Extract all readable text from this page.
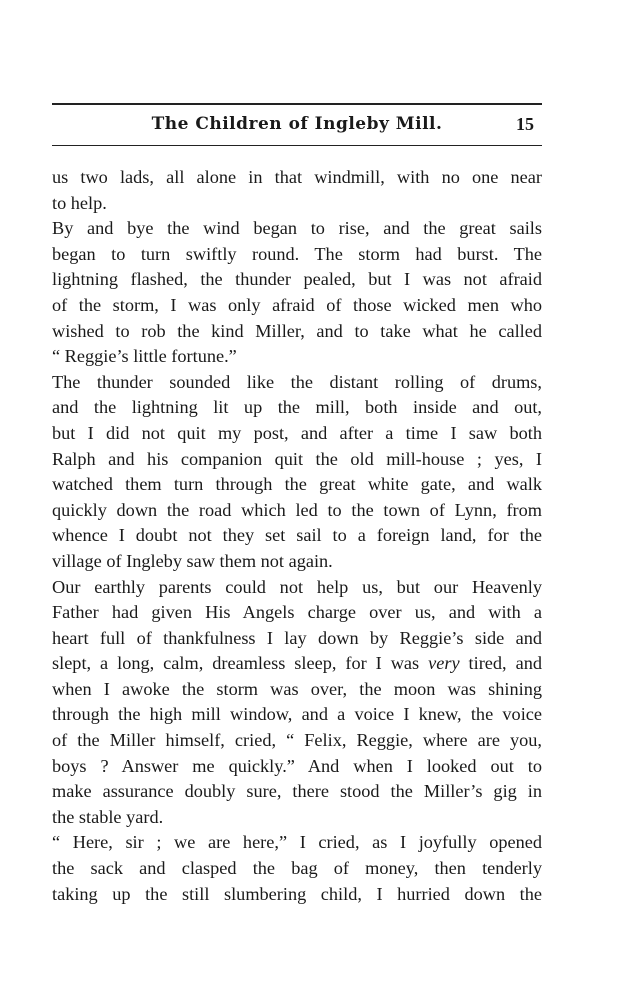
The Children of Ingleby Mill.	15
us two lads, all alone in that windmill, with no one near
to help.
By and bye the wind began to rise, and the great sails
began to turn swiftly round. The storm had burst. The
lightning flashed, the thunder pealed, but I was not afraid
of the storm, I was only afraid of those wicked men who
wished to rob the kind Miller, and to take what he called
“ Reggie’s little fortune.”
The thunder sounded like the distant rolling of drums,
and the lightning lit up the mill, both inside and out,
but I did not quit my post, and after a time I saw both
Ralph and his companion quit the old mill-house ; yes, I
watched them turn through the great white gate, and walk
quickly down the road which led to the town of Lynn, from
whence I doubt not they set sail to a foreign land, for the
village of Ingleby saw them not again.
Our earthly parents could not help us, but our Heavenly
Father had given His Angels charge over us, and with a
heart full of thankfulness I lay down by Reggie’s side and
slept, a long, calm, dreamless sleep, for I was very tired, and
when I awoke the storm was over, the moon was shining
through the high mill window, and a voice I knew, the voice
of the Miller himself, cried, “ Felix, Reggie, where are you,
boys ? Answer me quickly.” And when I looked out to
make assurance doubly sure, there stood the Miller’s gig in
the stable yard.
“ Here, sir ; we are here,” I cried, as I joyfully opened
the sack and clasped the bag of money, then tenderly
taking up the still slumbering child, I hurried down the
